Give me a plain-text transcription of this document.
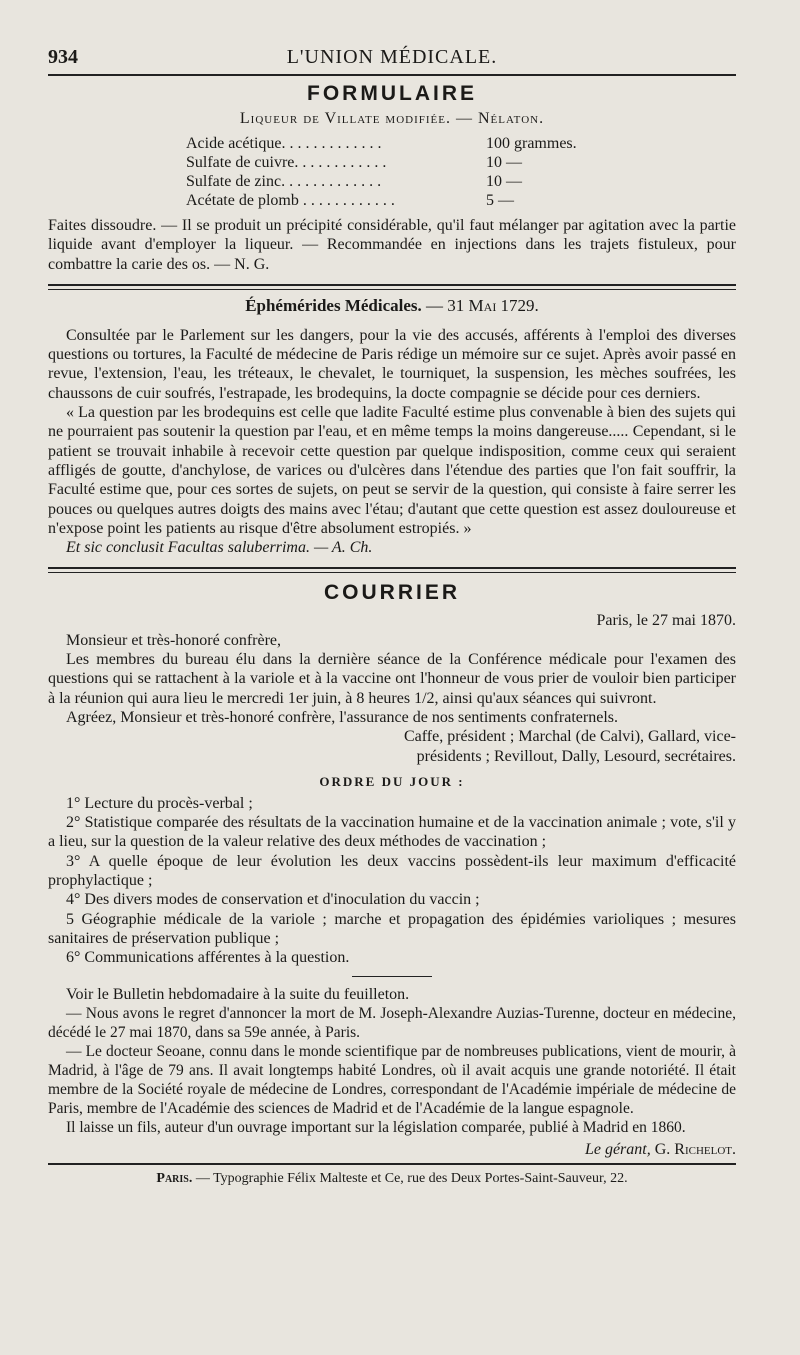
934	L'UNION MÉDICALE.
FORMULAIRE
Liqueur de Villate modifiée. — Nélaton.
Acide acétique. . . . . . . . . . . . .	100 grammes.
Sulfate de cuivre. . . . . . . . . . . .	10 —
Sulfate de zinc. . . . . . . . . . . . .	10 —
Acétate de plomb . . . . . . . . . . . .	5 —

Faites dissoudre. — Il se produit un précipité considérable, qu'il faut mélanger par agitation avec la partie liquide avant d'employer la liqueur. — Recommandée en injections dans les trajets fistuleux, pour combattre la carie des os. — N. G.

Éphémérides Médicales. — 31 Mai 1729.

Consultée par le Parlement sur les dangers, pour la vie des accusés, afférents à l'emploi des diverses questions ou tortures, la Faculté de médecine de Paris rédige un mémoire sur ce sujet. Après avoir passé en revue, l'extension, l'eau, les tréteaux, le chevalet, le tourniquet, la suspension, les mèches soufrées, les chaussons de cuir soufrés, l'estrapade, les brodequins, la docte compagnie se décide pour ces derniers.

« La question par les brodequins est celle que ladite Faculté estime plus convenable à bien des sujets qui ne pourraient pas soutenir la question par l'eau, et en même temps la moins dangereuse..... Cependant, si le patient se trouvait inhabile à recevoir cette question par quelque indisposition, comme ceux qui seraient affligés de goutte, d'anchylose, de varices ou d'ulcères dans l'étendue des parties que l'on fait souffrir, la Faculté estime que, pour ces sortes de sujets, on peut se servir de la question, qui consiste à faire serrer les pouces ou quelques autres doigts des mains avec l'étau; d'autant que cette question est assez douloureuse et n'expose point les patients au risque d'être absolument estropiés. »

Et sic conclusit Facultas saluberrima. — A. Ch.

COURRIER

Paris, le 27 mai 1870.

Monsieur et très-honoré confrère,

Les membres du bureau élu dans la dernière séance de la Conférence médicale pour l'examen des questions qui se rattachent à la variole et à la vaccine ont l'honneur de vous prier de vouloir bien participer à la réunion qui aura lieu le mercredi 1er juin, à 8 heures 1/2, ainsi qu'aux séances qui suivront.

Agréez, Monsieur et très-honoré confrère, l'assurance de nos sentiments confraternels.

Caffe, président ; Marchal (de Calvi), Gallard, vice-
présidents ; Revillout, Dally, Lesourd, secrétaires.
ORDRE DU JOUR :

1° Lecture du procès-verbal ;

2° Statistique comparée des résultats de la vaccination humaine et de la vaccination animale ; vote, s'il y a lieu, sur la question de la valeur relative des deux méthodes de vaccination ;

3° A quelle époque de leur évolution les deux vaccins possèdent-ils leur maximum d'efficacité prophylactique ;

4° Des divers modes de conservation et d'inoculation du vaccin ;

5 Géographie médicale de la variole ; marche et propagation des épidémies varioliques ; mesures sanitaires de préservation publique ;

6° Communications afférentes à la question.

Voir le Bulletin hebdomadaire à la suite du feuilleton.

— Nous avons le regret d'annoncer la mort de M. Joseph-Alexandre Auzias-Turenne, docteur en médecine, décédé le 27 mai 1870, dans sa 59e année, à Paris.

— Le docteur Seoane, connu dans le monde scientifique par de nombreuses publications, vient de mourir, à Madrid, à l'âge de 79 ans. Il avait longtemps habité Londres, où il avait acquis une grande notoriété. Il était membre de la Société royale de médecine de Londres, correspondant de l'Académie impériale de médecine de Paris, membre de l'Académie des sciences de Madrid et de l'Académie de la langue espagnole.

Il laisse un fils, auteur d'un ouvrage important sur la législation comparée, publié à Madrid en 1860.

Le gérant, G. Richelot.
Paris. — Typographie Félix Malteste et Ce, rue des Deux Portes-Saint-Sauveur, 22.
